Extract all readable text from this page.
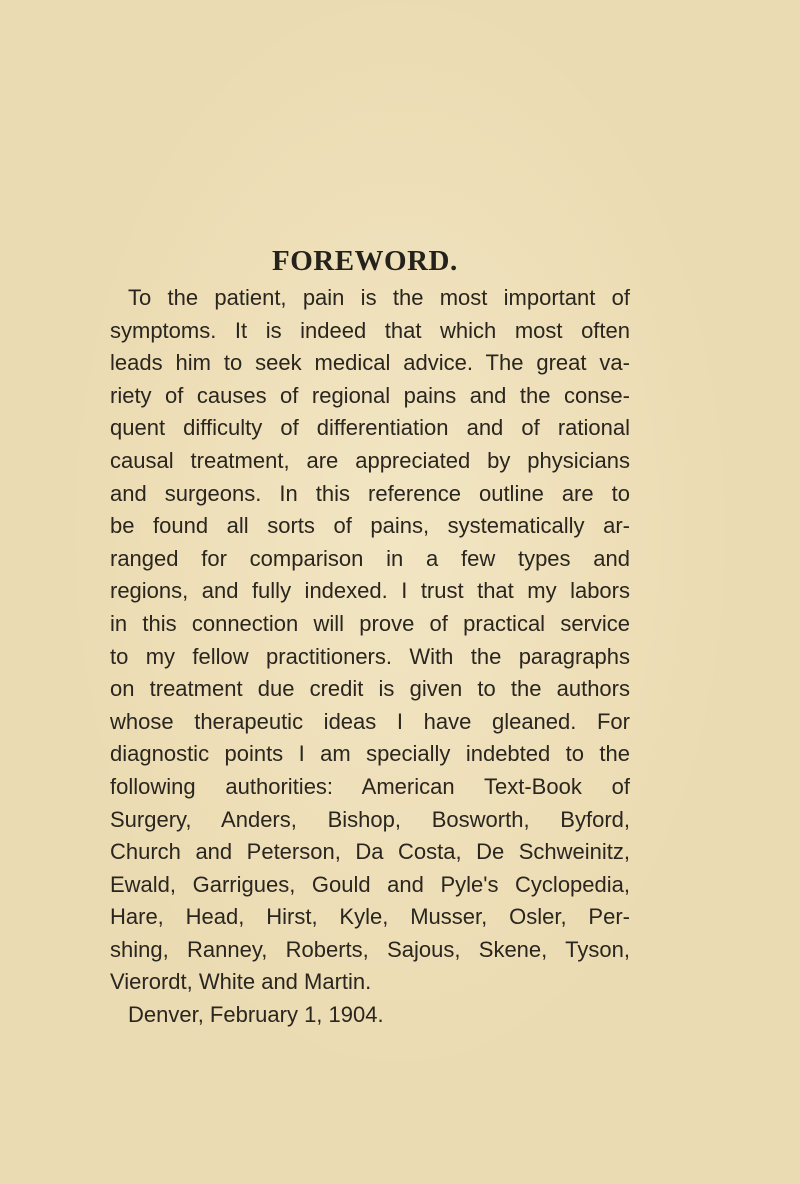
FOREWORD.
To the patient, pain is the most important of
symptoms. It is indeed that which most often
leads him to seek medical advice. The great va-
riety of causes of regional pains and the conse-
quent difficulty of differentiation and of rational
causal treatment, are appreciated by physicians
and surgeons. In this reference outline are to
be found all sorts of pains, systematically ar-
ranged for comparison in a few types and
regions, and fully indexed. I trust that my labors
in this connection will prove of practical service
to my fellow practitioners. With the paragraphs
on treatment due credit is given to the authors
whose therapeutic ideas I have gleaned. For
diagnostic points I am specially indebted to the
following authorities: American Text-Book of
Surgery, Anders, Bishop, Bosworth, Byford,
Church and Peterson, Da Costa, De Schweinitz,
Ewald, Garrigues, Gould and Pyle's Cyclopedia,
Hare, Head, Hirst, Kyle, Musser, Osler, Per-
shing, Ranney, Roberts, Sajous, Skene, Tyson,
Vierordt, White and Martin.
Denver, February 1, 1904.
